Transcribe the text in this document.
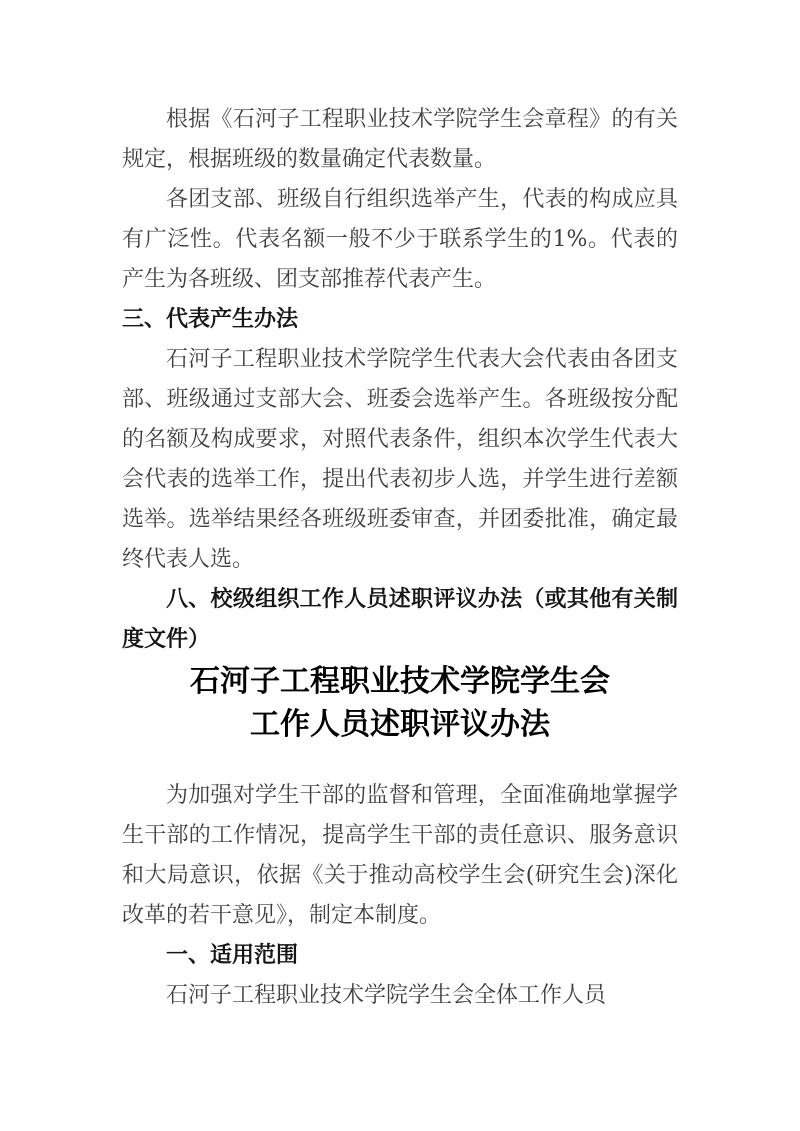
根据《石河子工程职业技术学院学生会章程》的有关规定，根据班级的数量确定代表数量。

各团支部、班级自行组织选举产生，代表的构成应具有广泛性。代表名额一般不少于联系学生的1%。代表的产生为各班级、团支部推荐代表产生。

三、代表产生办法

石河子工程职业技术学院学生代表大会代表由各团支部、班级通过支部大会、班委会选举产生。各班级按分配的名额及构成要求，对照代表条件，组织本次学生代表大会代表的选举工作，提出代表初步人选，并学生进行差额选举。选举结果经各班级班委审查，并团委批准，确定最终代表人选。

八、校级组织工作人员述职评议办法（或其他有关制度文件）
石河子工程职业技术学院学生会
工作人员述职评议办法

为加强对学生干部的监督和管理，全面准确地掌握学生干部的工作情况，提高学生干部的责任意识、服务意识和大局意识，依据《关于推动高校学生会(研究生会)深化改革的若干意见》，制定本制度。

一、适用范围

石河子工程职业技术学院学生会全体工作人员
